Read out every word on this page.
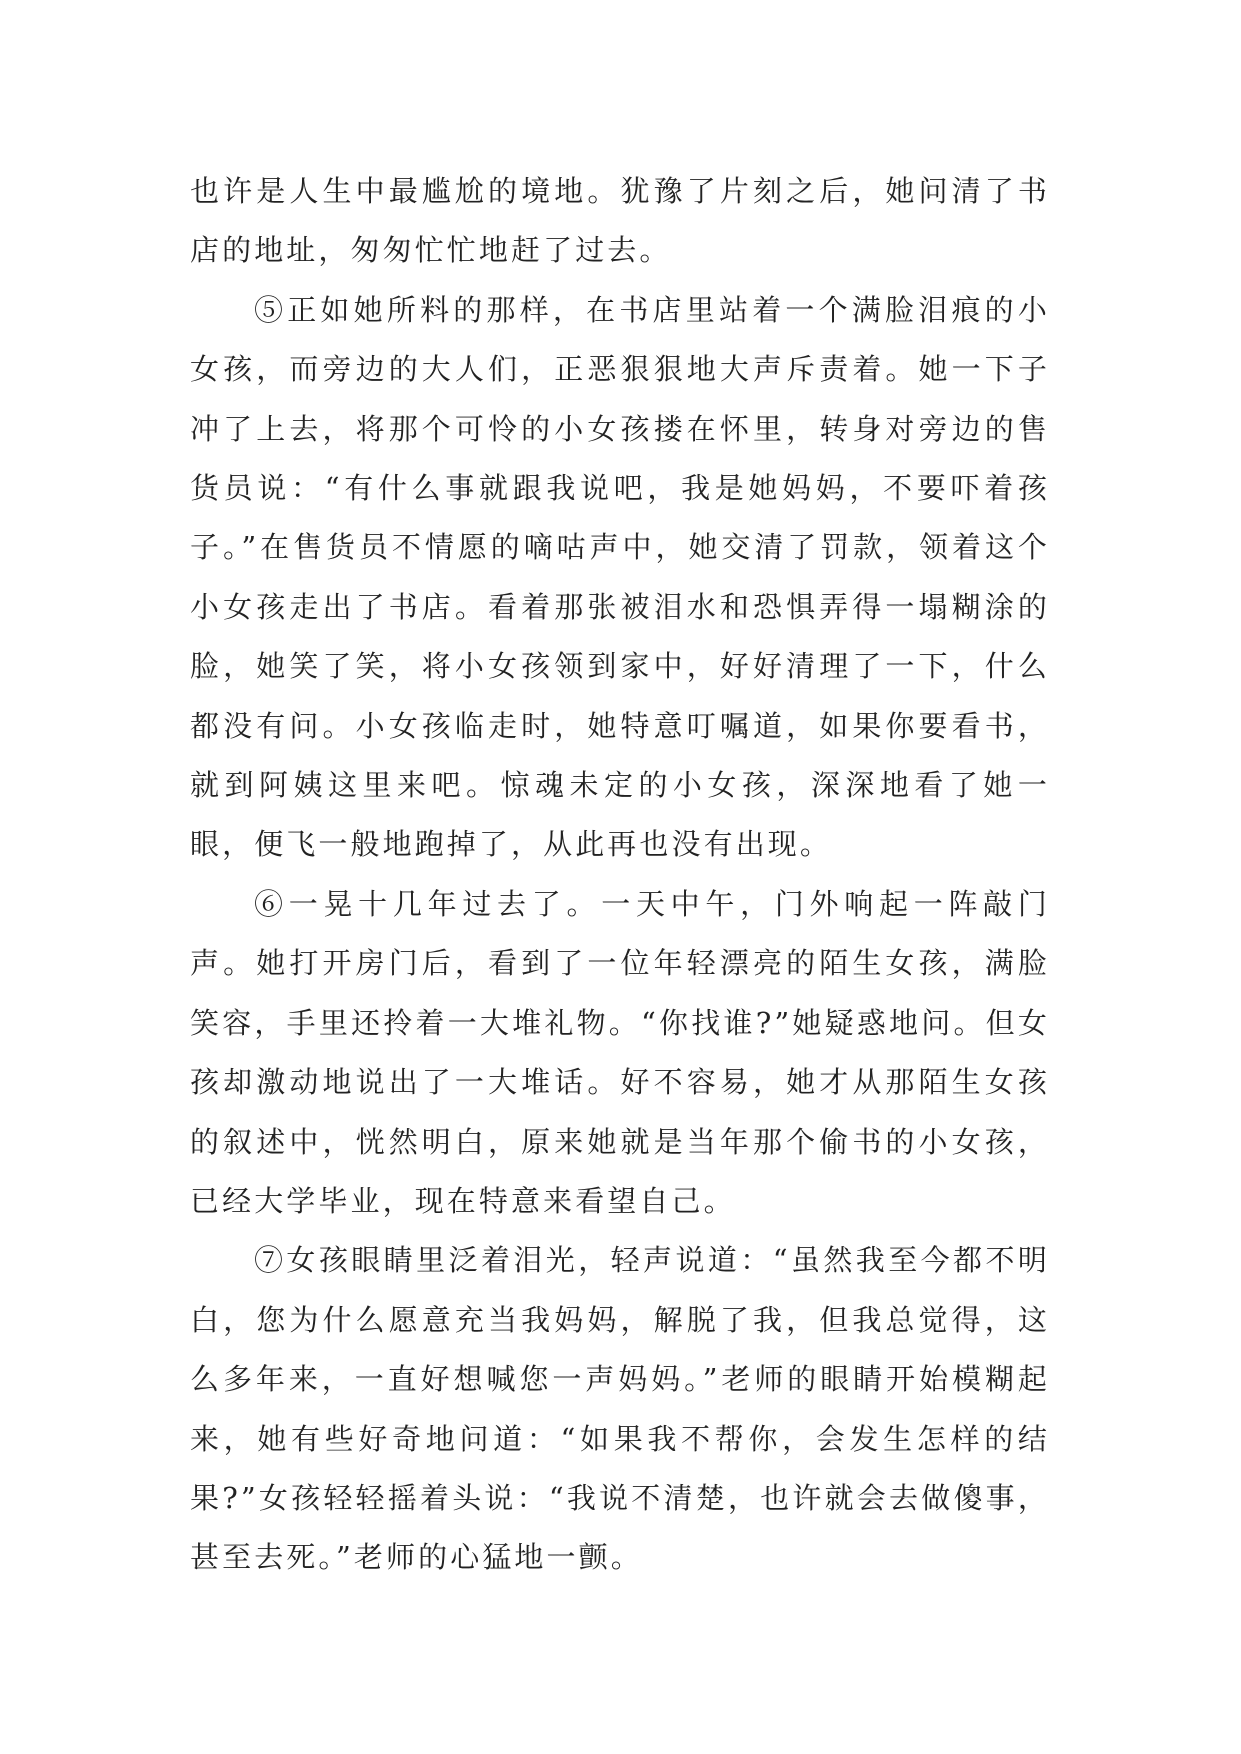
也许是人生中最尴尬的境地。犹豫了片刻之后，她问清了书店的地址，匆匆忙忙地赶了过去。

⑤正如她所料的那样，在书店里站着一个满脸泪痕的小女孩，而旁边的大人们，正恶狠狠地大声斥责着。她一下子冲了上去，将那个可怜的小女孩搂在怀里，转身对旁边的售货员说：“有什么事就跟我说吧，我是她妈妈，不要吓着孩子。”在售货员不情愿的嘀咕声中，她交清了罚款，领着这个小女孩走出了书店。看着那张被泪水和恐惧弄得一塌糊涂的脸，她笑了笑，将小女孩领到家中，好好清理了一下，什么都没有问。小女孩临走时，她特意叮嘱道，如果你要看书，就到阿姨这里来吧。惊魂未定的小女孩，深深地看了她一眼，便飞一般地跑掉了，从此再也没有出现。

⑥一晃十几年过去了。一天中午，门外响起一阵敲门声。她打开房门后，看到了一位年轻漂亮的陌生女孩，满脸笑容，手里还拎着一大堆礼物。“你找谁?”她疑惑地问。但女孩却激动地说出了一大堆话。好不容易，她才从那陌生女孩的叙述中，恍然明白，原来她就是当年那个偷书的小女孩，已经大学毕业，现在特意来看望自己。

⑦女孩眼睛里泛着泪光，轻声说道：“虽然我至今都不明白，您为什么愿意充当我妈妈，解脱了我，但我总觉得，这么多年来，一直好想喊您一声妈妈。”老师的眼睛开始模糊起来，她有些好奇地问道：“如果我不帮你，会发生怎样的结果?”女孩轻轻摇着头说：“我说不清楚，也许就会去做傻事，甚至去死。”老师的心猛地一颤。
